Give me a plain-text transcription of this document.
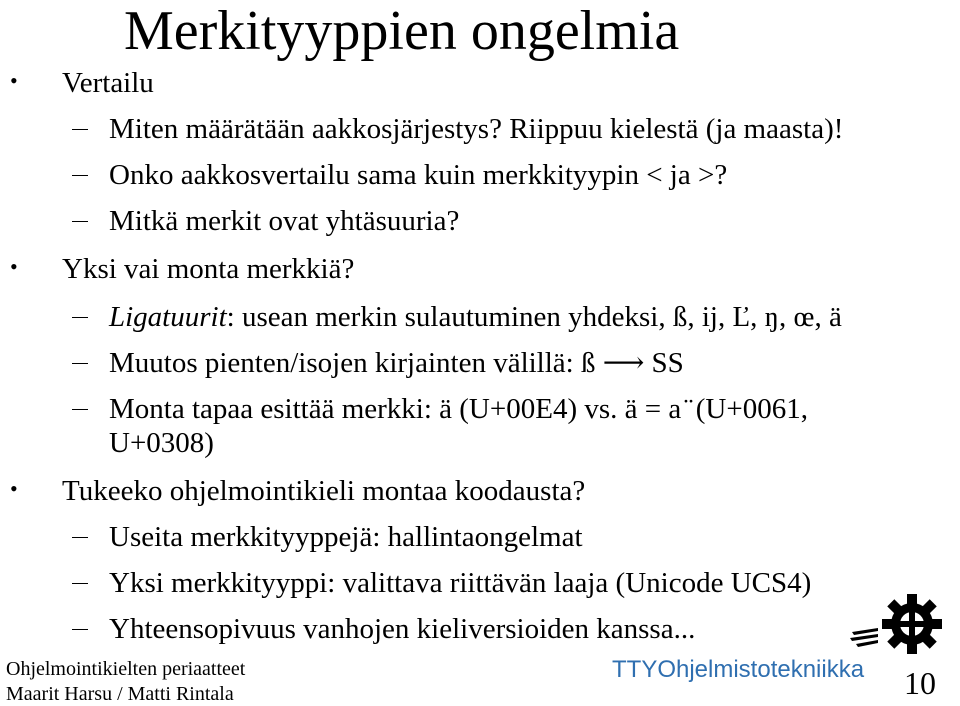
Merkityyppien ongelmia
• Vertailu
Miten määrätään aakkosjärjestys? Riippuu kielestä (ja maasta)!
Onko aakkosvertailu sama kuin merkkityypin < ja >?
Mitkä merkit ovat yhtäsuuria?
• Yksi vai monta merkkiä?
Ligatuurit: usean merkin sulautuminen yhdeksi, ß, ij, Ľ, ŋ, œ, ä
Muutos pienten/isojen kirjainten välillä: ß ⟶ SS
Monta tapaa esittää merkki: ä (U+00E4) vs. ä = a ̈ (U+0061,
U+0308)
• Tukeeko ohjelmointikieli montaa koodausta?
Useita merkkityyppejä: hallintaongelmat
Yksi merkkityyppi: valittava riittävän laaja (Unicode UCS4)
Yhteensopivuus vanhojen kieliversioiden kanssa...
Ohjelmointikielten periaatteet
Maarit Harsu / Matti Rintala
TTYOhjelmistotekniikka 10
